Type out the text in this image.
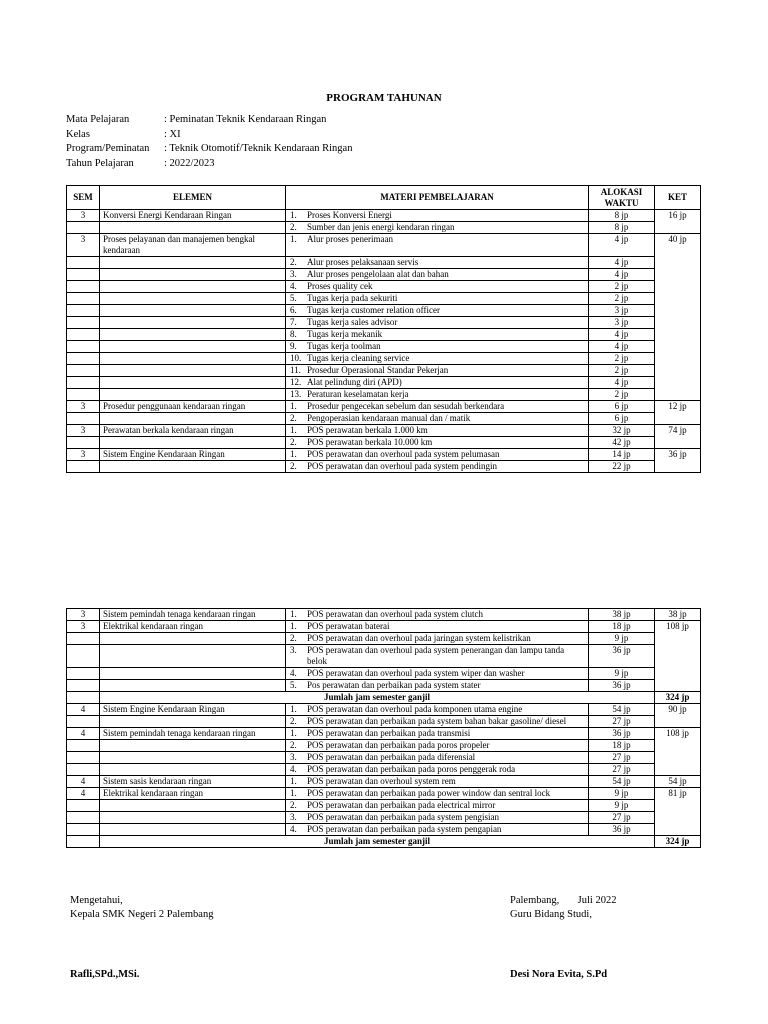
PROGRAM TAHUNAN
Mata Pelajaran	: Peminatan Teknik Kendaraan Ringan
Kelas	: XI
Program/Peminatan	: Teknik Otomotif/Teknik Kendaraan Ringan
Tahun Pelajaran	: 2022/2023
SEM	ELEMEN	MATERI PEMBELAJARAN	ALOKASI WAKTU	KET
3	Konversi Energi Kendaraan Ringan	1. Proses Konversi Energi	8 jp	16 jp
		2. Sumber dan jenis energi kendaran ringan	8 jp	
3	Proses pelayanan dan manajemen bengkal kendaraan	1. Alur proses penerimaan	4 jp	40 jp
		2. Alur proses pelaksanaan servis	4 jp	
		3. Alur proses pengelolaan alat dan bahan	4 jp	
		4. Proses quality cek	2 jp	
		5. Tugas kerja pada sekuriti	2 jp	
		6. Tugas kerja customer relation officer	3 jp	
		7. Tugas kerja sales advisor	3 jp	
		8. Tugas kerja mekanik	4 jp	
		9. Tugas kerja toolman	4 jp	
		10. Tugas kerja cleaning service	2 jp	
		11. Prosedur Operasional Standar Pekerjan	2 jp	
		12. Alat pelindung diri (APD)	4 jp	
		13. Peraturan keselamatan kerja	2 jp	
3	Prosedur penggunaan kendaraan ringan	1. Prosedur pengecekan sebelum dan sesudah berkendara	6 jp	12 jp
		2. Pengoperasian kendaraan manual dan / matik	6 jp	
3	Perawatan berkala kendaraan ringan	1. POS perawatan berkala 1.000 km	32 jp	74 jp
		2. POS perawatan berkala 10.000 km	42 jp	
3	Sistem Engine Kendaraan Ringan	1. POS perawatan dan overhoul pada system pelumasan	14 jp	36 jp
		2. POS perawatan dan overhoul pada system pendingin	22 jp	
3	Sistem pemindah tenaga kendaraan ringan	1. POS perawatan dan overhoul pada system clutch	38 jp	38 jp
3	Elektrikal kendaraan ringan	1. POS perawatan baterai	18 jp	108 jp
		2. POS perawatan dan overhoul pada jaringan system kelistrikan	9 jp	
		3. POS perawatan dan overhoul pada system penerangan dan lampu tanda belok	36 jp	
		4. POS perawatan dan overhoul pada system wiper dan washer	9 jp	
		5. Pos perawatan dan perbaikan pada system stater	36 jp	
	Jumlah jam semester ganjil			324 jp
4	Sistem Engine Kendaraan Ringan	1. POS perawatan dan overhoul pada komponen utama engine	54 jp	90 jp
		2. POS perawatan dan perbaikan pada system bahan bakar gasoline/ diesel	27 jp	
4	Sistem pemindah tenaga kendaraan ringan	1. POS perawatan dan perbaikan pada transmisi	36 jp	108 jp
		2. POS perawatan dan perbaikan pada poros propeler	18 jp	
		3. POS perawatan dan perbaikan pada diferensial	27 jp	
		4. POS perawatan dan perbaikan pada poros penggerak roda	27 jp	
4	Sistem sasis kendaraan ringan	1. POS perawatan dan overhoul system rem	54 jp	54 jp
4	Elektrikal kendaraan ringan	1. POS perawatan dan perbaikan pada power window dan sentral lock	9 jp	81 jp
		2. POS perawatan dan perbaikan pada electrical mirror	9 jp	
		3. POS perawatan dan perbaikan pada system pengisian	27 jp	
		4. POS perawatan dan perbaikan pada system pengapian	36 jp	
	Jumlah jam semester ganjil			324 jp
Mengetahui,
Kepala SMK Negeri 2 Palembang
Palembang,       Juli 2022
Guru Bidang Studi,
Rafli,SPd.,MSi.	Desi Nora Evita, S.Pd
